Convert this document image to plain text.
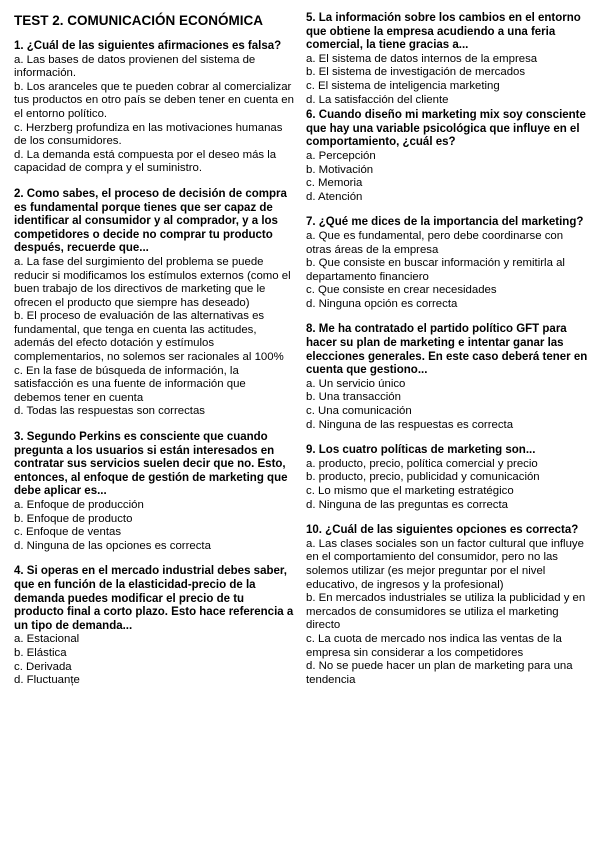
TEST 2. COMUNICACIÓN ECONÓMICA

1. ¿Cuál de las siguientes afirmaciones es falsa?

a. Las bases de datos provienen del sistema de información.

b. Los aranceles que te pueden cobrar al comercializar tus productos en otro país se deben tener en cuenta en el entorno político.

c. Herzberg profundiza en las motivaciones humanas de los consumidores.

d. La demanda está compuesta por el deseo más la capacidad de compra y el suministro.

2. Como sabes, el proceso de decisión de compra es fundamental porque tienes que ser capaz de identificar al consumidor y al comprador, y a los competidores o decide no comprar tu producto después, recuerde que...

a. La fase del surgimiento del problema se puede reducir si modificamos los estímulos externos (como el buen trabajo de los directivos de marketing que le ofrecen el producto que siempre has deseado)

b. El proceso de evaluación de las alternativas es fundamental, que tenga en cuenta las actitudes, además del efecto dotación y estímulos complementarios, no solemos ser racionales al 100%

c. En la fase de búsqueda de información, la satisfacción es una fuente de información que debemos tener en cuenta

d. Todas las respuestas son correctas

3. Segundo Perkins es consciente que cuando pregunta a los usuarios si están interesados en contratar sus servicios suelen decir que no. Esto, entonces, al enfoque de gestión de marketing que debe aplicar es...

a. Enfoque de producción

b. Enfoque de producto

c. Enfoque de ventas

d. Ninguna de las opciones es correcta

4. Si operas en el mercado industrial debes saber, que en función de la elasticidad-precio de la demanda puedes modificar el precio de tu producto final a corto plazo. Esto hace referencia a un tipo de demanda...

a. Estacional

b. Elástica

c. Derivada

d. Fluctuanțe

5. La información sobre los cambios en el entorno que obtiene la empresa acudiendo a una feria comercial, la tiene gracias a...

a. El sistema de datos internos de la empresa

b. El sistema de investigación de mercados

c. El sistema de inteligencia marketing

d. La satisfacción del cliente

6. Cuando diseño mi marketing mix soy consciente que hay una variable psicológica que influye en el comportamiento, ¿cuál es?

a. Percepción

b. Motivación

c. Memoria

d. Atención

7. ¿Qué me dices de la importancia del marketing?

a. Que es fundamental, pero debe coordinarse con otras áreas de la empresa

b. Que consiste en buscar información y remitirla al departamento financiero

c. Que consiste en crear necesidades

d. Ninguna opción es correcta

8. Me ha contratado el partido político GFT para hacer su plan de marketing e intentar ganar las elecciones generales. En este caso deberá tener en cuenta que gestiono...

a. Un servicio único

b. Una transacción

c. Una comunicación

d. Ninguna de las respuestas es correcta

9. Los cuatro políticas de marketing son...

a. producto, precio, política comercial y precio

b. producto, precio, publicidad y comunicación

c. Lo mismo que el marketing estratégico

d. Ninguna de las preguntas es correcta

10. ¿Cuál de las siguientes opciones es correcta?

a. Las clases sociales son un factor cultural que influye en el comportamiento del consumidor, pero no las solemos utilizar (es mejor preguntar por el nivel educativo, de ingresos y la profesional)

b. En mercados industriales se utiliza la publicidad y en mercados de consumidores se utiliza el marketing directo

c. La cuota de mercado nos indica las ventas de la empresa sin considerar a los competidores

d. No se puede hacer un plan de marketing para una tendencia
